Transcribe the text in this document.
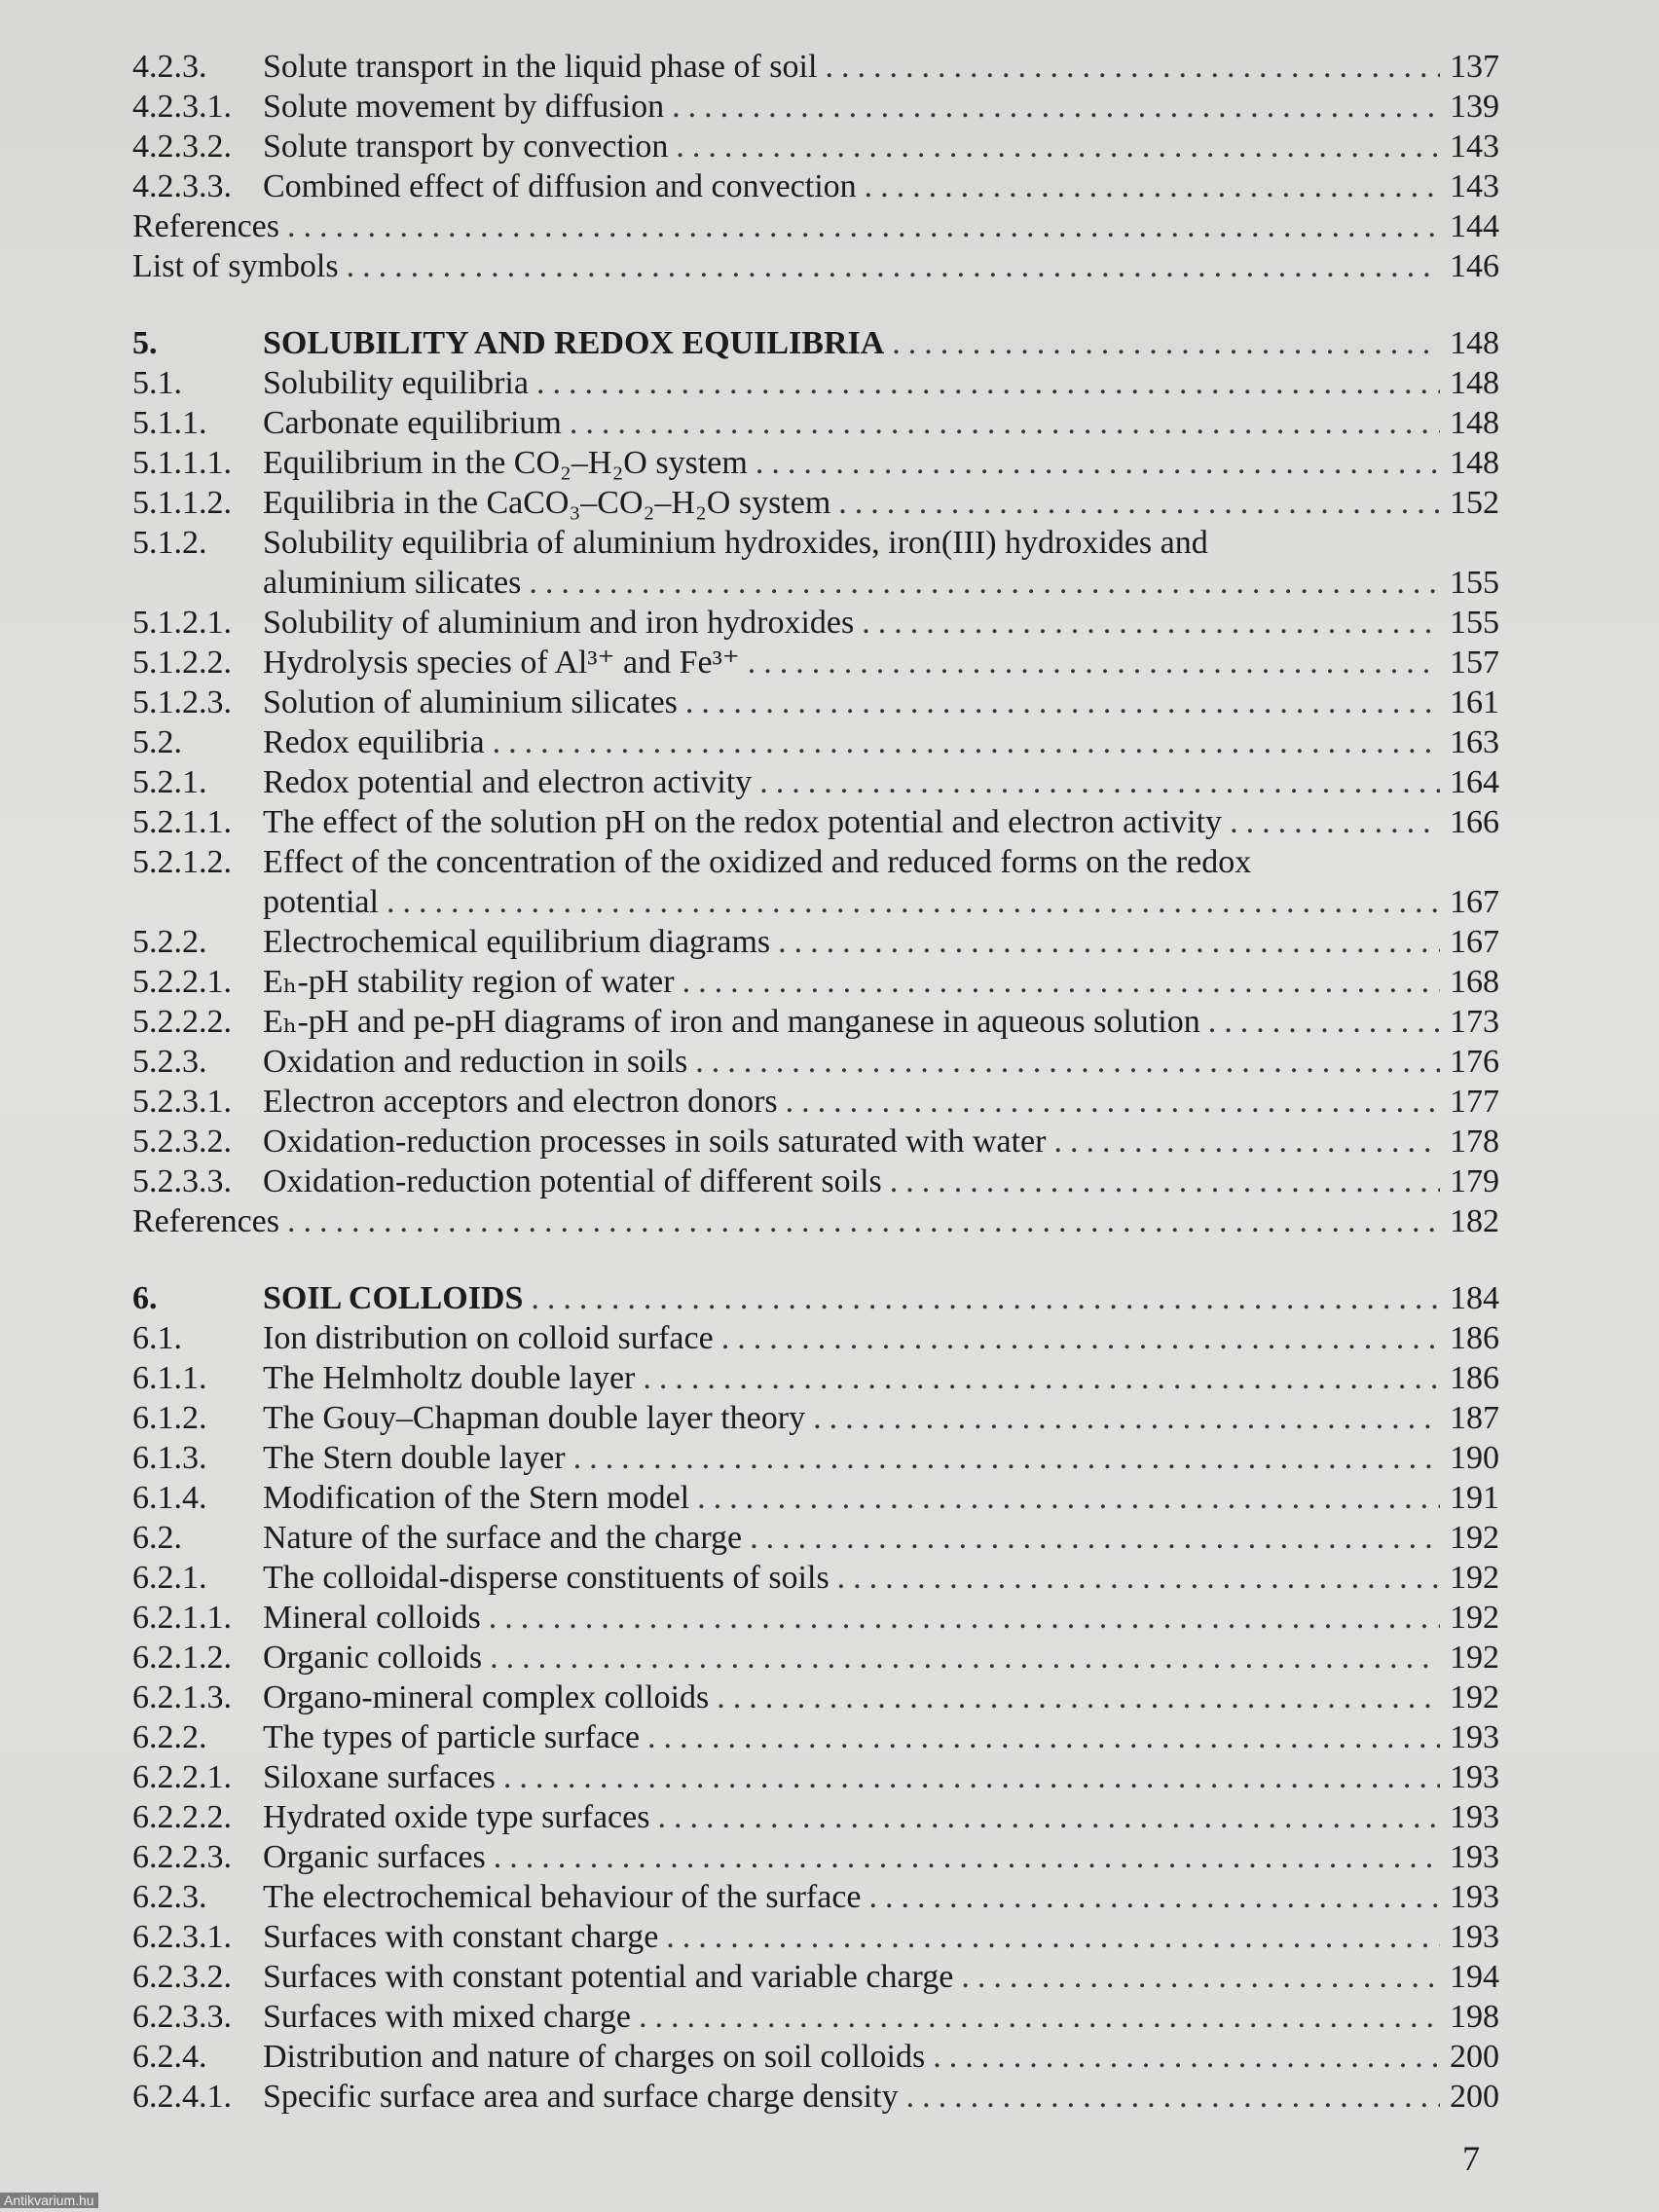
4.2.3. Solute transport in the liquid phase of soil .....	137
4.2.3.1. Solute movement by diffusion .....	139
4.2.3.2. Solute transport by convection .....	143
4.2.3.3. Combined effect of diffusion and convection .....	143
References .....	144
List of symbols .....	146
5.	SOLUBILITY AND REDOX EQUILIBRIA .....	148
5.1. Solubility equilibria .....	148
5.1.1. Carbonate equilibrium .....	148
5.1.1.1. Equilibrium in the CO₂–H₂O system .....	148
5.1.1.2. Equilibria in the CaCO₃–CO₂–H₂O system .....	152
5.1.2. Solubility equilibria of aluminium hydroxides, iron(III) hydroxides and
aluminium silicates .....	155
5.1.2.1. Solubility of aluminium and iron hydroxides .....	155
5.1.2.2. Hydrolysis species of Al³⁺ and Fe³⁺ .....	157
5.1.2.3. Solution of aluminium silicates .....	161
5.2. Redox equilibria .....	163
5.2.1. Redox potential and electron activity .....	164
5.2.1.1. The effect of the solution pH on the redox potential and electron activity .....	166
5.2.1.2. Effect of the concentration of the oxidized and reduced forms on the redox
potential .....	167
5.2.2. Electrochemical equilibrium diagrams .....	167
5.2.2.1. Eₕ-pH stability region of water .....	168
5.2.2.2. Eₕ-pH and pe-pH diagrams of iron and manganese in aqueous solution .....	173
5.2.3. Oxidation and reduction in soils .....	176
5.2.3.1. Electron acceptors and electron donors .....	177
5.2.3.2. Oxidation-reduction processes in soils saturated with water .....	178
5.2.3.3. Oxidation-reduction potential of different soils .....	179
References .....	182
6.	SOIL COLLOIDS .....	184
6.1. Ion distribution on colloid surface .....	186
6.1.1. The Helmholtz double layer .....	186
6.1.2. The Gouy–Chapman double layer theory .....	187
6.1.3. The Stern double layer .....	190
6.1.4. Modification of the Stern model .....	191
6.2. Nature of the surface and the charge .....	192
6.2.1. The colloidal-disperse constituents of soils .....	192
6.2.1.1. Mineral colloids .....	192
6.2.1.2. Organic colloids .....	192
6.2.1.3. Organo-mineral complex colloids .....	192
6.2.2. The types of particle surface .....	193
6.2.2.1. Siloxane surfaces .....	193
6.2.2.2. Hydrated oxide type surfaces .....	193
6.2.2.3. Organic surfaces .....	193
6.2.3. The electrochemical behaviour of the surface .....	193
6.2.3.1. Surfaces with constant charge .....	193
6.2.3.2. Surfaces with constant potential and variable charge .....	194
6.2.3.3. Surfaces with mixed charge .....	198
6.2.4. Distribution and nature of charges on soil colloids .....	200
6.2.4.1. Specific surface area and surface charge density .....	200
7
Antikvarium.hu
